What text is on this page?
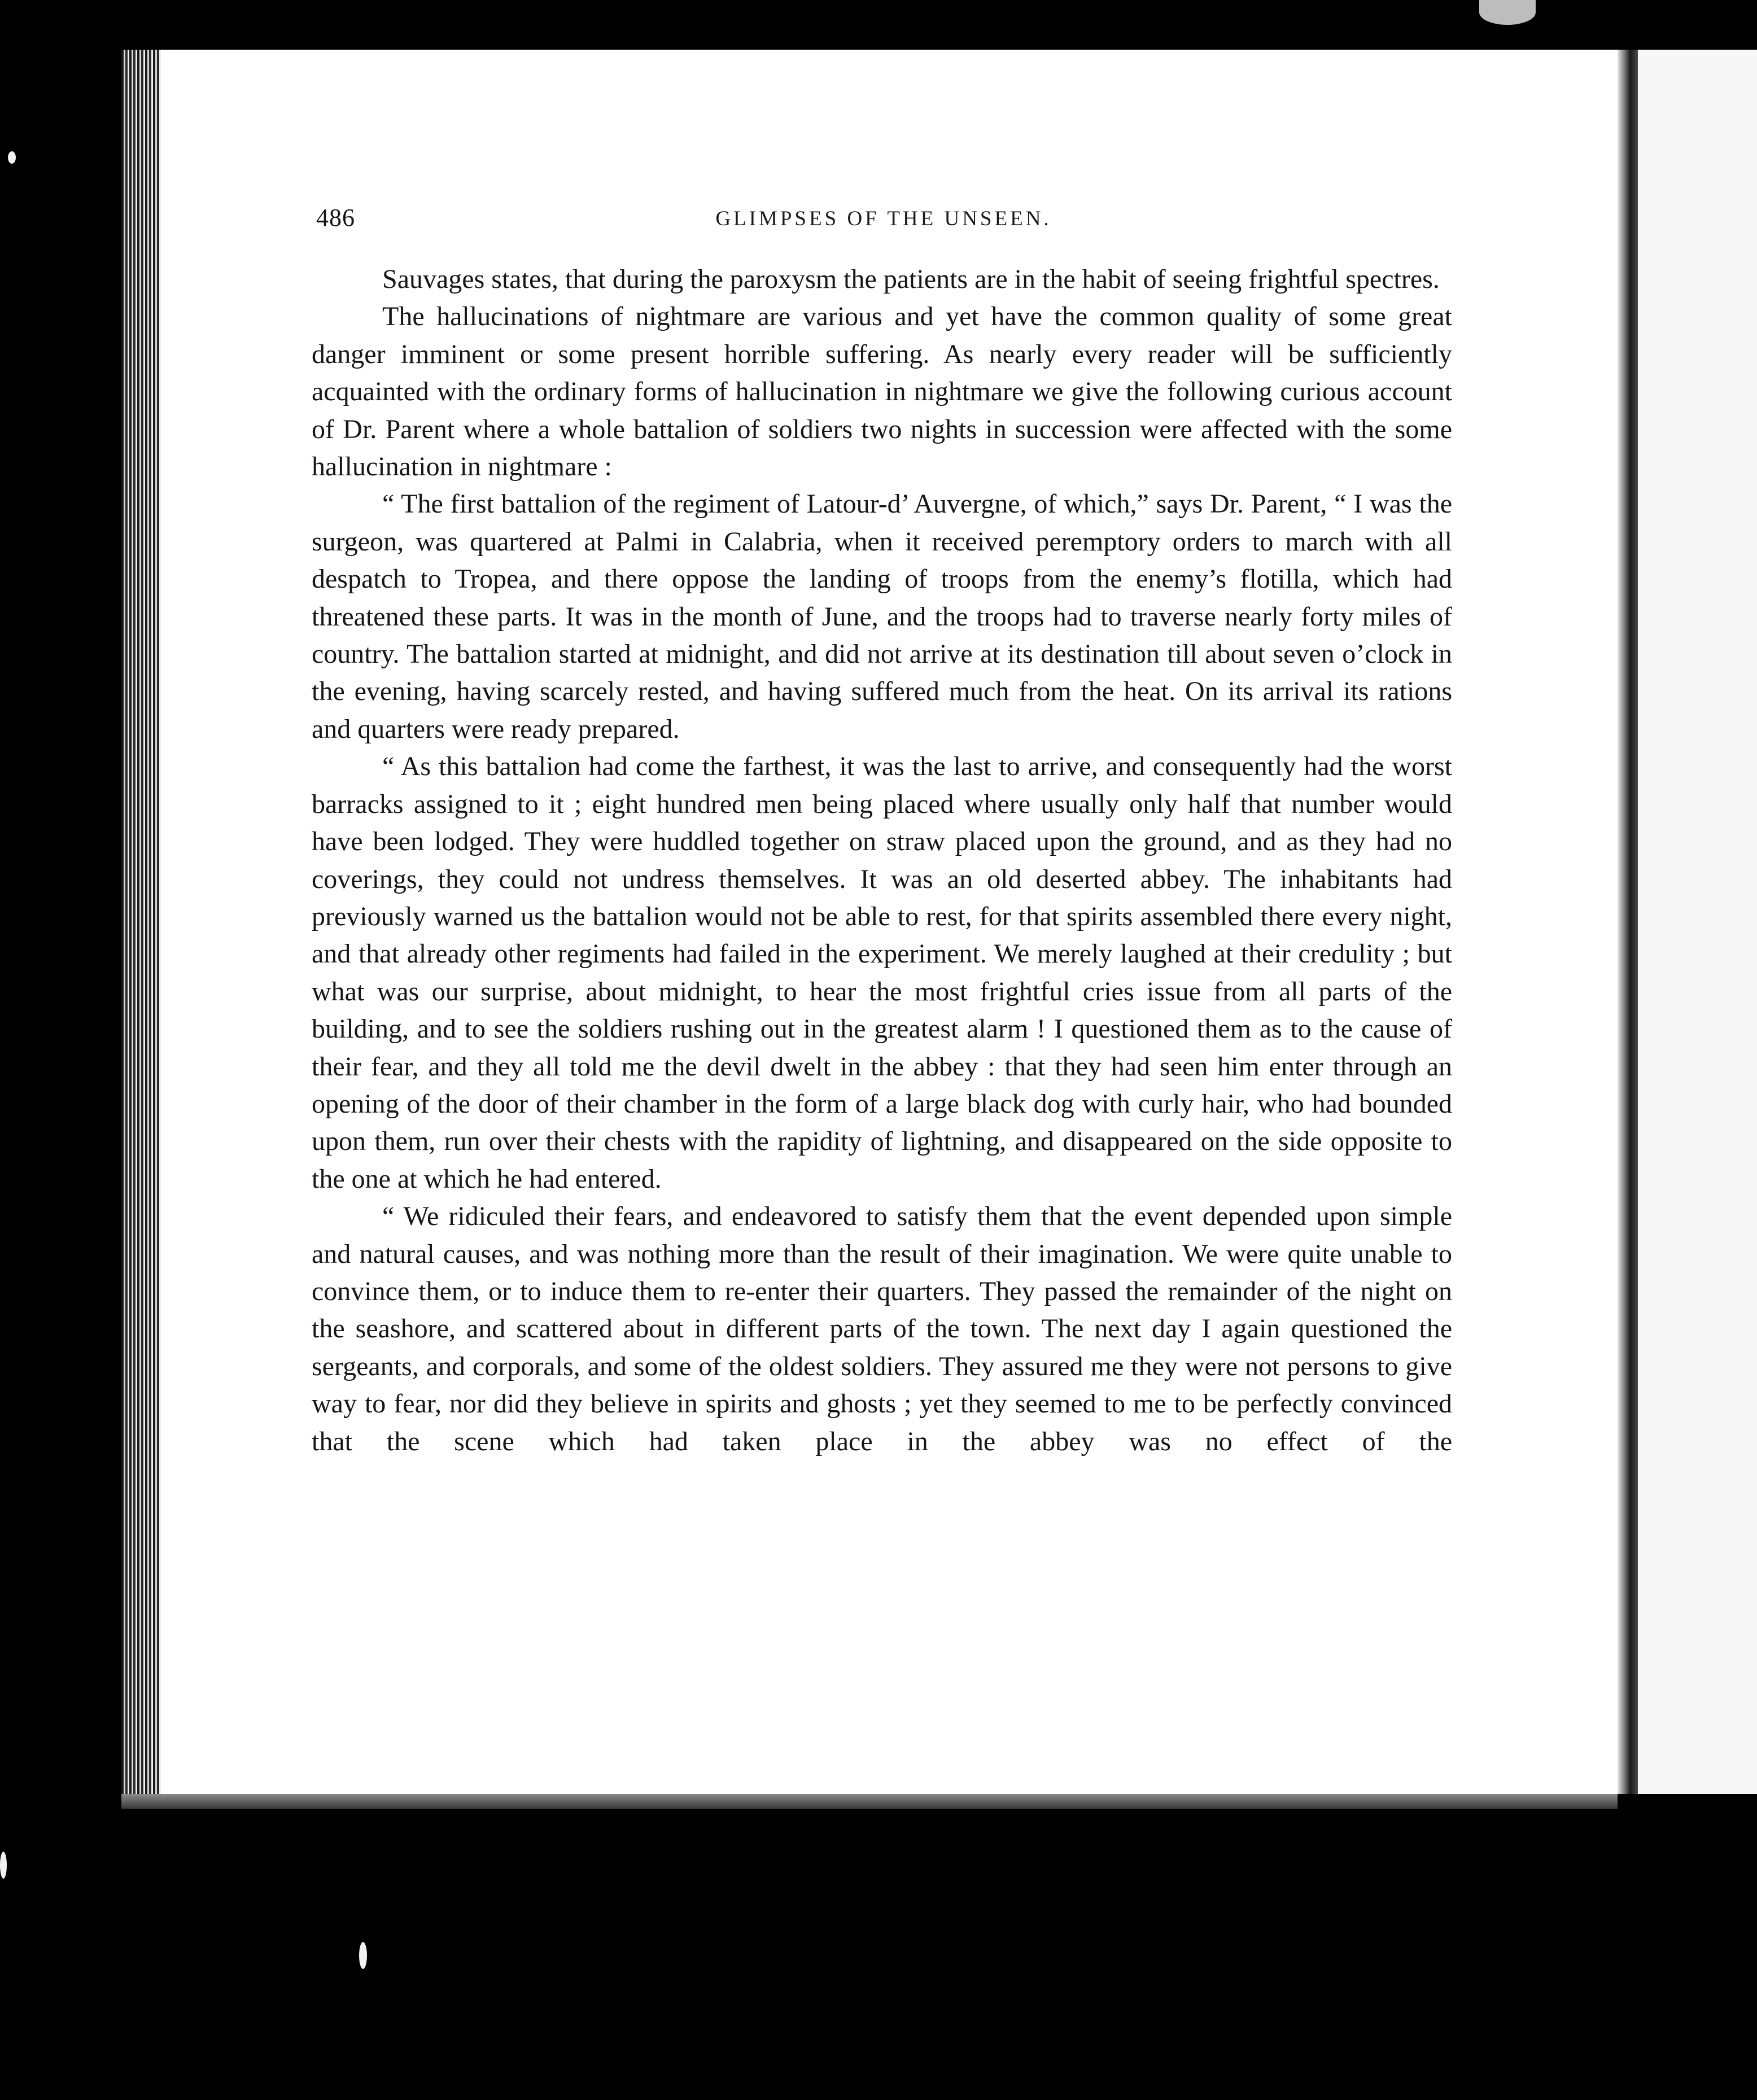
486	GLIMPSES OF THE UNSEEN.

Sauvages states, that during the paroxysm the patients are in the habit of seeing frightful spectres.

The hallucinations of nightmare are various and yet have the common quality of some great danger imminent or some present horrible suffering. As nearly every reader will be sufficiently acquainted with the ordinary forms of hallucination in nightmare we give the following curious account of Dr. Parent where a whole battalion of soldiers two nights in succession were affected with the some hallucination in nightmare :

“ The first battalion of the regiment of Latour-d’ Auvergne, of which,” says Dr. Parent, “ I was the surgeon, was quartered at Palmi in Calabria, when it received peremptory orders to march with all despatch to Tropea, and there oppose the landing of troops from the enemy’s flotilla, which had threatened these parts. It was in the month of June, and the troops had to traverse nearly forty miles of country. The battalion started at midnight, and did not arrive at its destination till about seven o’clock in the evening, having scarcely rested, and having suffered much from the heat. On its arrival its rations and quarters were ready prepared.

“ As this battalion had come the farthest, it was the last to arrive, and consequently had the worst barracks assigned to it ; eight hundred men being placed where usually only half that number would have been lodged. They were huddled together on straw placed upon the ground, and as they had no coverings, they could not undress themselves. It was an old deserted abbey. The inhabitants had previously warned us the battalion would not be able to rest, for that spirits assembled there every night, and that already other regiments had failed in the experiment. We merely laughed at their credulity ; but what was our surprise, about midnight, to hear the most frightful cries issue from all parts of the building, and to see the soldiers rushing out in the greatest alarm ! I questioned them as to the cause of their fear, and they all told me the devil dwelt in the abbey : that they had seen him enter through an opening of the door of their chamber in the form of a large black dog with curly hair, who had bounded upon them, run over their chests with the rapidity of lightning, and disappeared on the side opposite to the one at which he had entered.

“ We ridiculed their fears, and endeavored to satisfy them that the event depended upon simple and natural causes, and was nothing more than the result of their imagination. We were quite unable to convince them, or to induce them to re-enter their quarters. They passed the remainder of the night on the seashore, and scattered about in different parts of the town. The next day I again questioned the sergeants, and corporals, and some of the oldest soldiers. They assured me they were not persons to give way to fear, nor did they believe in spirits and ghosts ; yet they seemed to me to be perfectly convinced that the scene which had taken place in the abbey was no effect of the
